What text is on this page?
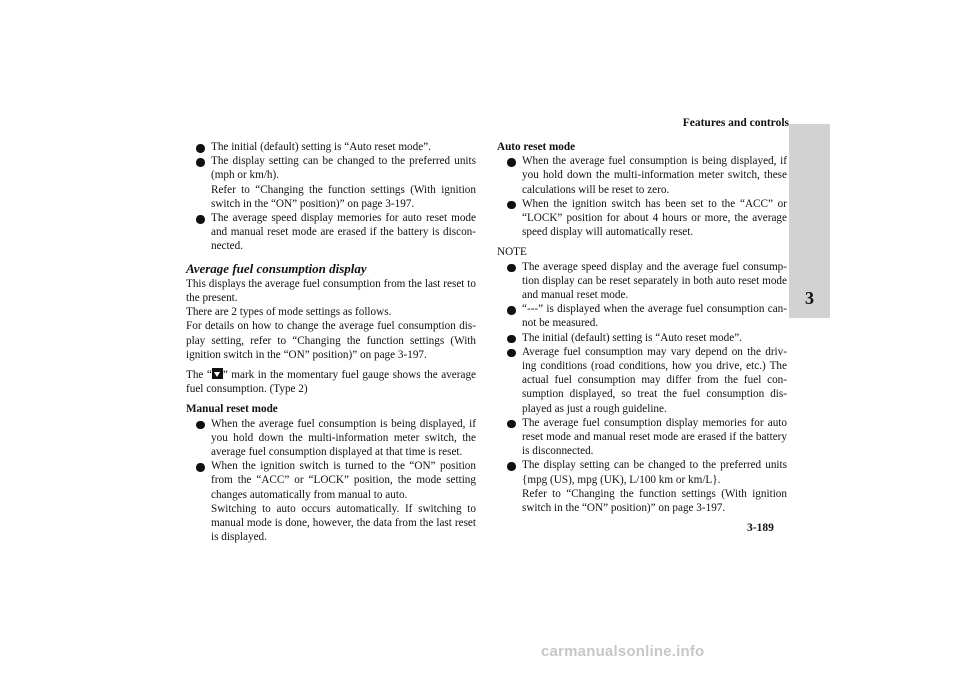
Features and controls
3

The initial (default) setting is “Auto reset mode”.

The display setting can be changed to the preferred units (mph or km/h).

Refer to “Changing the function settings (With ignition switch in the “ON” position)” on page 3-197.

The average speed display memories for auto reset mode and manual reset mode are erased if the battery is discon-nected.

Average fuel consumption display

This displays the average fuel consumption from the last reset to the present.

There are 2 types of mode settings as follows.

For details on how to change the average fuel consumption dis-play setting, refer to “Changing the function settings (With ignition switch in the “ON” position)” on page 3-197.

The “ ” mark in the momentary fuel gauge shows the average fuel consumption. (Type 2)

Manual reset mode

When the average fuel consumption is being displayed, if you hold down the multi-information meter switch, the average fuel consumption displayed at that time is reset.

When the ignition switch is turned to the “ON” position from the “ACC” or “LOCK” position, the mode setting changes automatically from manual to auto.

Switching to auto occurs automatically. If switching to manual mode is done, however, the data from the last reset is displayed.

Auto reset mode

When the average fuel consumption is being displayed, if you hold down the multi-information meter switch, these calculations will be reset to zero.

When the ignition switch has been set to the “ACC” or “LOCK” position for about 4 hours or more, the average speed display will automatically reset.

NOTE

The average speed display and the average fuel consump-tion display can be reset separately in both auto reset mode and manual reset mode.

“---” is displayed when the average fuel consumption can-not be measured.

The initial (default) setting is “Auto reset mode”.

Average fuel consumption may vary depend on the driv-ing conditions (road conditions, how you drive, etc.) The actual fuel consumption may differ from the fuel con-sumption displayed, so treat the fuel consumption dis-played as just a rough guideline.

The average fuel consumption display memories for auto reset mode and manual reset mode are erased if the battery is disconnected.

The display setting can be changed to the preferred units {mpg (US), mpg (UK), L/100 km or km/L}.

Refer to “Changing the function settings (With ignition switch in the “ON” position)” on page 3-197.

3-189
carmanualsonline.info
